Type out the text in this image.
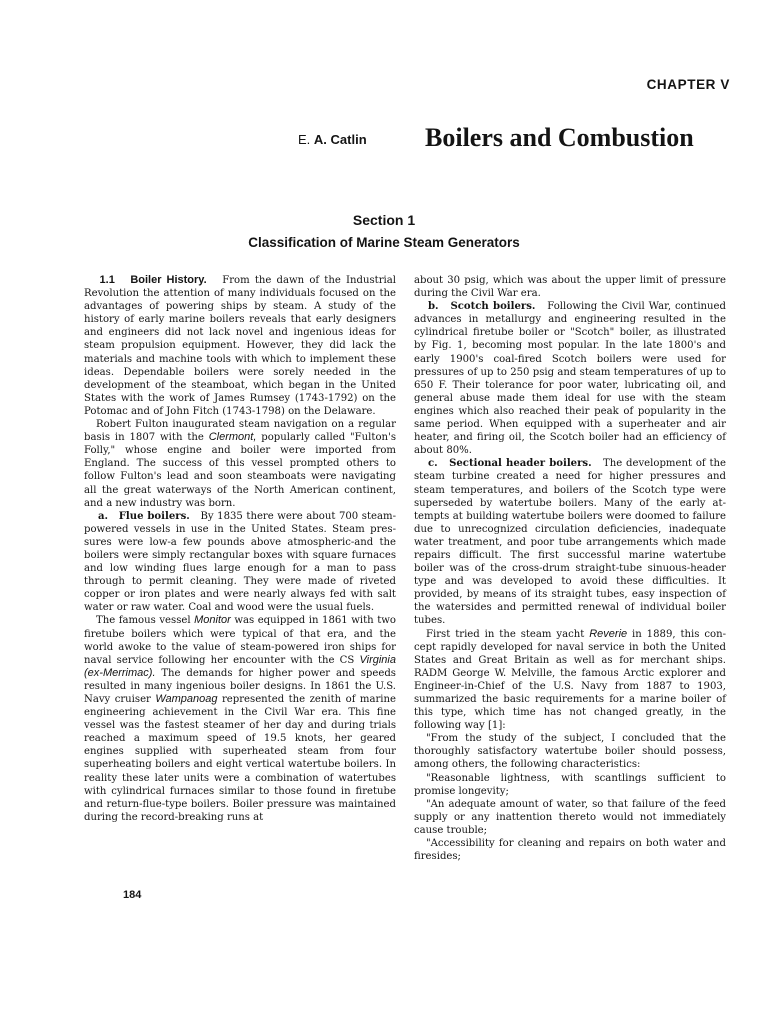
CHAPTER V
E. A. Catlin Boilers and Combustion
Section 1
Classification of Marine Steam Generators

1.1 Boiler History. From the dawn of the Industrial Revolution the attention of many individuals focused on the advantages of powering ships by steam. A study of the history of early marine boilers reveals that early designers and engineers did not lack novel and ingenious ideas for steam propulsion equipment. However, they did lack the materials and machine tools with which to implement these ideas. Dependable boilers were sorely needed in the development of the steamboat, which began in the United States with the work of James Rumsey (1743-1792) on the Potomac and of John Fitch (1743-1798) on the Delaware.

Robert Fulton inaugurated steam navigation on a regular basis in 1807 with the Clermont, popularly called "Fulton's Folly," whose engine and boiler were imported from England. The success of this vessel prompted others to follow Fulton's lead and soon steamboats were navigating all the great waterways of the North American continent, and a new industry was born.

a. Flue boilers. By 1835 there were about 700 steam-powered vessels in use in the United States. Steam pressures were low-a few pounds above atmospheric-and the boilers were simply rectangular boxes with square furnaces and low winding flues large enough for a man to pass through to permit cleaning. They were made of riveted copper or iron plates and were nearly always fed with salt water or raw water. Coal and wood were the usual fuels.

The famous vessel Monitor was equipped in 1861 with two firetube boilers which were typical of that era, and the world awoke to the value of steam-powered iron ships for naval service following her encounter with the CS Virginia (ex-Merrimac). The demands for higher power and speeds resulted in many ingenious boiler designs. In 1861 the U.S. Navy cruiser Wampanoag represented the zenith of marine engineering achievement in the Civil War era. This fine vessel was the fastest steamer of her day and during trials reached a maximum speed of 19.5 knots, her geared engines supplied with superheated steam from four superheating boilers and eight vertical watertube boilers. In reality these later units were a combination of watertubes with cylindrical furnaces similar to those found in firetube and return-flue-type boilers. Boiler pressure was maintained during the record-breaking runs at

about 30 psig, which was about the upper limit of pressure during the Civil War era.

b. Scotch boilers. Following the Civil War, continued advances in metallurgy and engineering resulted in the cylindrical firetube boiler or "Scotch" boiler, as illustrated by Fig. 1, becoming most popular. In the late 1800's and early 1900's coal-fired Scotch boilers were used for pressures of up to 250 psig and steam temperatures of up to 650 F. Their tolerance for poor water, lubricating oil, and general abuse made them ideal for use with the steam engines which also reached their peak of popularity in the same period. When equipped with a superheater and air heater, and firing oil, the Scotch boiler had an efficiency of about 80%.

c. Sectional header boilers. The development of the steam turbine created a need for higher pressures and steam temperatures, and boilers of the Scotch type were superseded by watertube boilers. Many of the early attempts at building watertube boilers were doomed to failure due to unrecognized circulation deficiencies, inadequate water treatment, and poor tube arrangements which made repairs difficult. The first successful marine watertube boiler was of the cross-drum straight-tube sinuous-header type and was developed to avoid these difficulties. It provided, by means of its straight tubes, easy inspection of the watersides and permitted renewal of individual boiler tubes.

First tried in the steam yacht Reverie in 1889, this concept rapidly developed for naval service in both the United States and Great Britain as well as for merchant ships. RADM George W. Melville, the famous Arctic explorer and Engineer-in-Chief of the U.S. Navy from 1887 to 1903, summarized the basic requirements for a marine boiler of this type, which time has not changed greatly, in the following way [1]:

"From the study of the subject, I concluded that the thoroughly satisfactory watertube boiler should possess, among others, the following characteristics:

"Reasonable lightness, with scantlings sufficient to promise longevity;

"An adequate amount of water, so that failure of the feed supply or any inattention thereto would not immediately cause trouble;

"Accessibility for cleaning and repairs on both water and firesides;

184
